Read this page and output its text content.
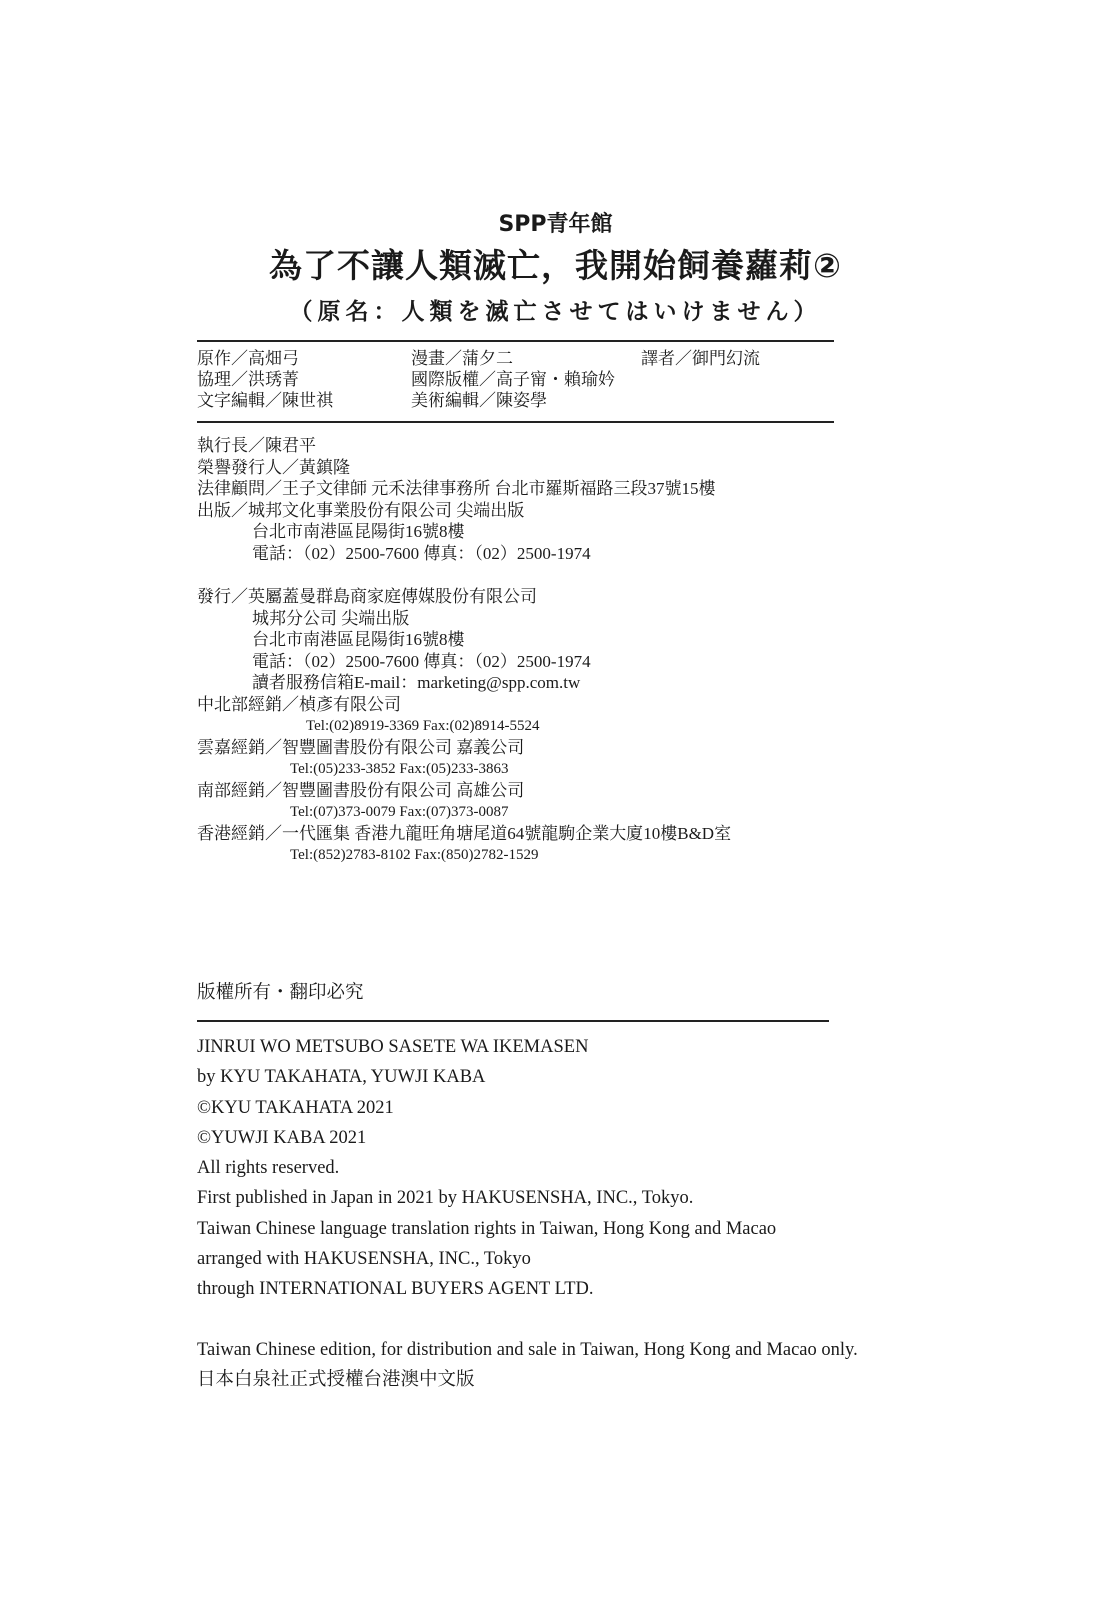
SPP青年館
為了不讓人類滅亡，我開始飼養蘿莉②
（原名：人類を滅亡させてはいけません）
原作／高畑弓	漫畫／蒲夕二	譯者／御門幻流
協理／洪琇菁	國際版權／高子甯・賴瑜妗
文字編輯／陳世祺	美術編輯／陳姿學
執行長／陳君平
榮譽發行人／黃鎮隆
法律顧問／王子文律師 元禾法律事務所 台北市羅斯福路三段37號15樓
出版／城邦文化事業股份有限公司 尖端出版
台北市南港區昆陽街16號8樓
電話：（02）2500-7600 傳真：（02）2500-1974
發行／英屬蓋曼群島商家庭傳媒股份有限公司
城邦分公司 尖端出版
台北市南港區昆陽街16號8樓
電話：（02）2500-7600 傳真：（02）2500-1974
讀者服務信箱E-mail：marketing@spp.com.tw
中北部經銷／楨彥有限公司
Tel:(02)8919-3369 Fax:(02)8914-5524
雲嘉經銷／智豐圖書股份有限公司 嘉義公司
Tel:(05)233-3852 Fax:(05)233-3863
南部經銷／智豐圖書股份有限公司 高雄公司
Tel:(07)373-0079 Fax:(07)373-0087
香港經銷／一代匯集 香港九龍旺角塘尾道64號龍駒企業大廈10樓B&D室
Tel:(852)2783-8102 Fax:(850)2782-1529
版權所有・翻印必究
JINRUI WO METSUBO SASETE WA IKEMASEN
by KYU TAKAHATA, YUWJI KABA
©KYU TAKAHATA 2021
©YUWJI KABA 2021
All rights reserved.
First published in Japan in 2021 by HAKUSENSHA, INC., Tokyo.
Taiwan Chinese language translation rights in Taiwan, Hong Kong and Macao
arranged with HAKUSENSHA, INC., Tokyo
through INTERNATIONAL BUYERS AGENT LTD.
Taiwan Chinese edition, for distribution and sale in Taiwan, Hong Kong and Macao only.
日本白泉社正式授權台港澳中文版
